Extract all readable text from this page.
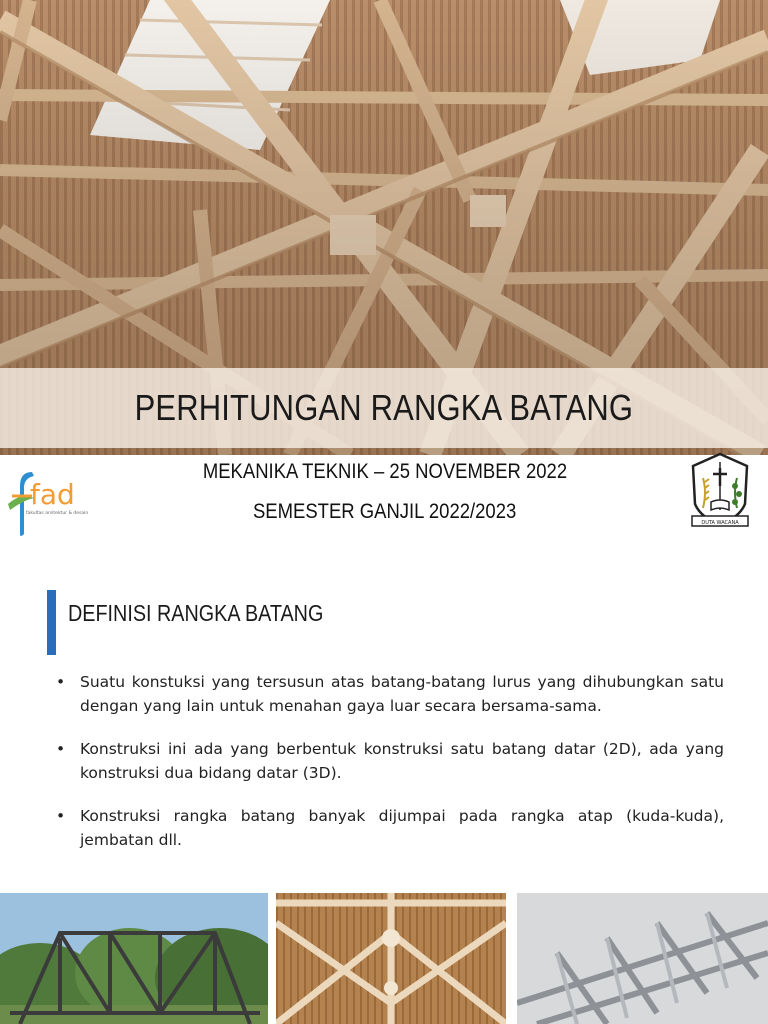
PERHITUNGAN RANGKA BATANG
fad
fakultas arsitektur & desain
MEKANIKA TEKNIK – 25 NOVEMBER 2022
SEMESTER GANJIL 2022/2023	DUTA WACANA
DEFINISI RANGKA BATANG
• Suatu konstuksi yang tersusun atas batang-batang lurus yang dihubungkan satu dengan yang lain untuk menahan gaya luar secara bersama-sama.
• Konstruksi ini ada yang berbentuk konstruksi satu batang datar (2D), ada yang konstruksi dua bidang datar (3D).
• Konstruksi rangka batang banyak dijumpai pada rangka atap (kuda-kuda), jembatan dll.
